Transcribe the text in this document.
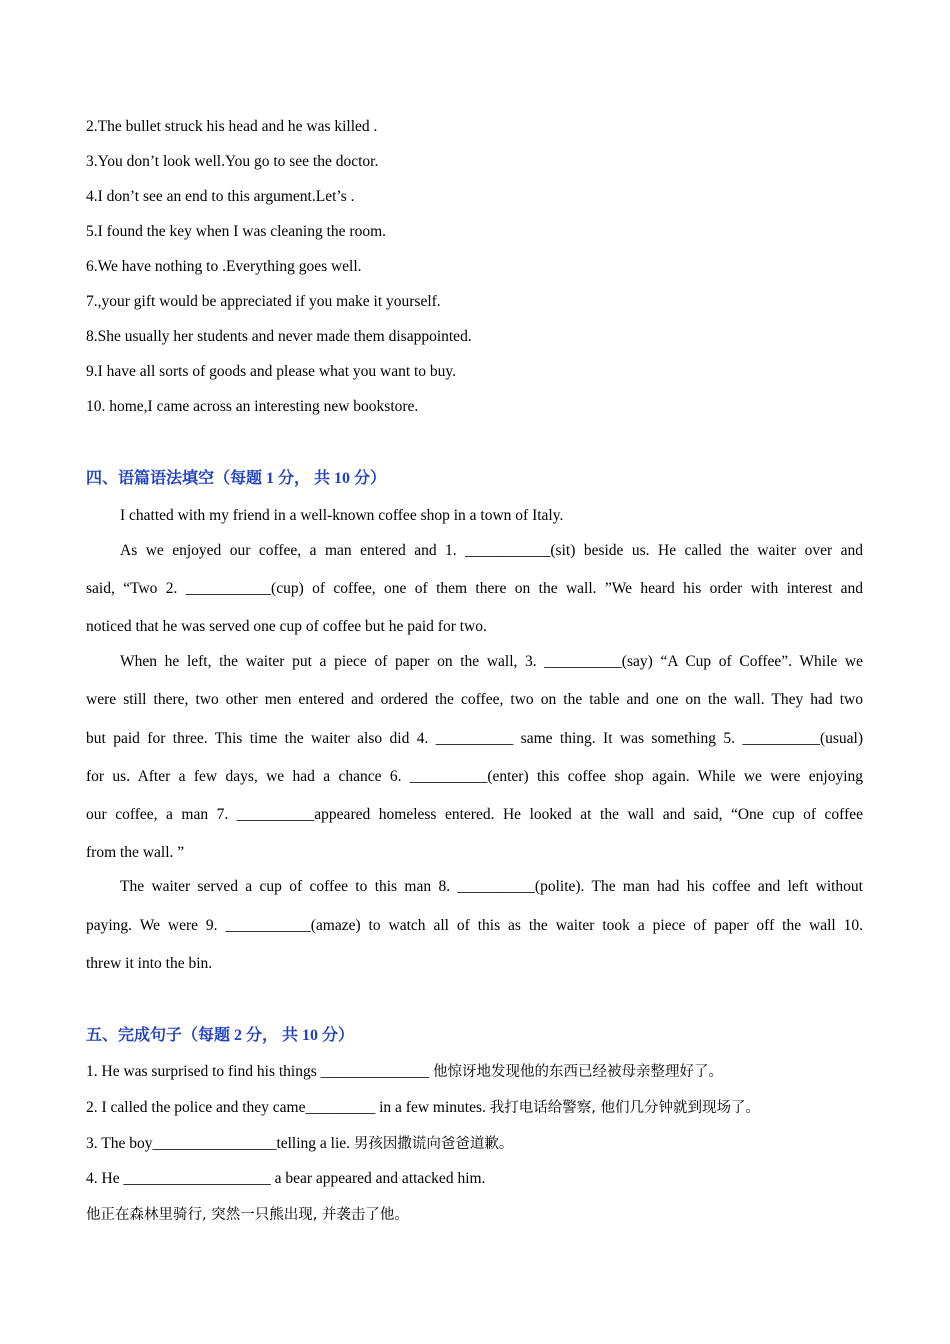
2.The bullet struck his head and he was killed .
3.You don’t look well.You go to see the doctor.
4.I don’t see an end to this argument.Let’s .
5.I found the key when I was cleaning the room.
6.We have nothing to .Everything goes well.
7.,your gift would be appreciated if you make it yourself.
8.She usually her students and never made them disappointed.
9.I have all sorts of goods and please what you want to buy.
10. home,I came across an interesting new bookstore.
四、语篇语法填空（每题 1 分， 共 10 分）
I chatted with my friend in a well-known coffee shop in a town of Italy.
As we enjoyed our coffee, a man entered and 1. ___________(sit) beside us. He called the waiter over and
said, “Two 2. ___________(cup) of coffee, one of them there on the wall. ”We heard his order with interest and
noticed that he was served one cup of coffee but he paid for two.
When he left, the waiter put a piece of paper on the wall, 3. __________(say) “A Cup of Coffee”. While we
were still there, two other men entered and ordered the coffee, two on the table and one on the wall. They had two
but paid for three. This time the waiter also did 4. __________ same thing. It was something 5. __________(usual)
for us. After a few days, we had a chance 6. __________(enter) this coffee shop again. While we were enjoying
our coffee, a man 7. __________appeared homeless entered. He looked at the wall and said, “One cup of coffee
from the wall. ”
The waiter served a cup of coffee to this man 8. __________(polite). The man had his coffee and left without
paying. We were 9. ___________(amaze) to watch all of this as the waiter took a piece of paper off the wall 10.
threw it into the bin.
五、完成句子（每题 2 分， 共 10 分）
1. He was surprised to find his things ______________ 他惊讶地发现他的东西已经被母亲整理好了。
2. I called the police and they came_________ in a few minutes. 我打电话给警察, 他们几分钟就到现场了。
3. The boy________________telling a lie. 男孩因撒谎向爸爸道歉。
4. He ___________________ a bear appeared and attacked him.
他正在森林里骑行, 突然一只熊出现, 并袭击了他。
